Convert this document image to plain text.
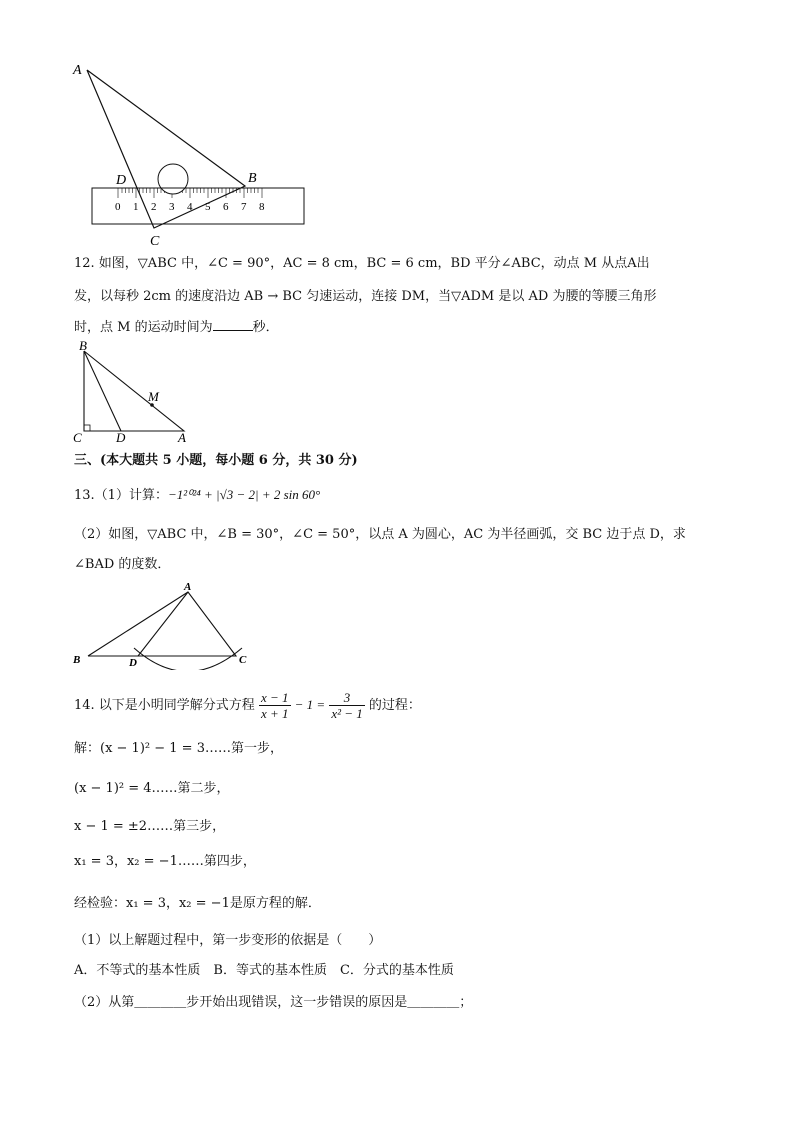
0 1 2 3 4 5 6 7 8
A
B
D
C
12. 如图，▽ABC 中，∠C = 90°，AC = 8 cm，BC = 6 cm，BD 平分∠ABC，动点 M 从点A出
发，以每秒 2cm 的速度沿边 AB → BC 匀速运动，连接 DM，当▽ADM 是以 AD 为腰的等腰三角形
时，点 M 的运动时间为	秒．
B
M
C	D	A
三、(本大题共 5 小题，每小题 6 分，共 30 分)
13.（1）计算：−1²⁰²⁴ + |√3 − 2| + 2 sin 60°
（2）如图，▽ABC 中，∠B = 30°，∠C = 50°，以点 A 为圆心，AC 为半径画弧，交 BC 边于点 D，求
∠BAD 的度数．
A
B	D	C
14. 以下是小明同学解分式方程 $\frac{x - 1}{x + 1} - 1 = \frac{3}{\text{x² − 1}}$ 的过程：
解：(x − 1)² − 1 = 3……第一步，
(x − 1)² = 4……第二步，
x − 1 = ±2……第三步，
x₁ = 3，x₂ = −1……第四步，
经检验：x₁ = 3，x₂ = −1是原方程的解．
（1）以上解题过程中，第一步变形的依据是（　　）
A．不等式的基本性质　B．等式的基本性质　C．分式的基本性质
（2）从第＿＿＿＿步开始出现错误，这一步错误的原因是＿＿＿＿；
